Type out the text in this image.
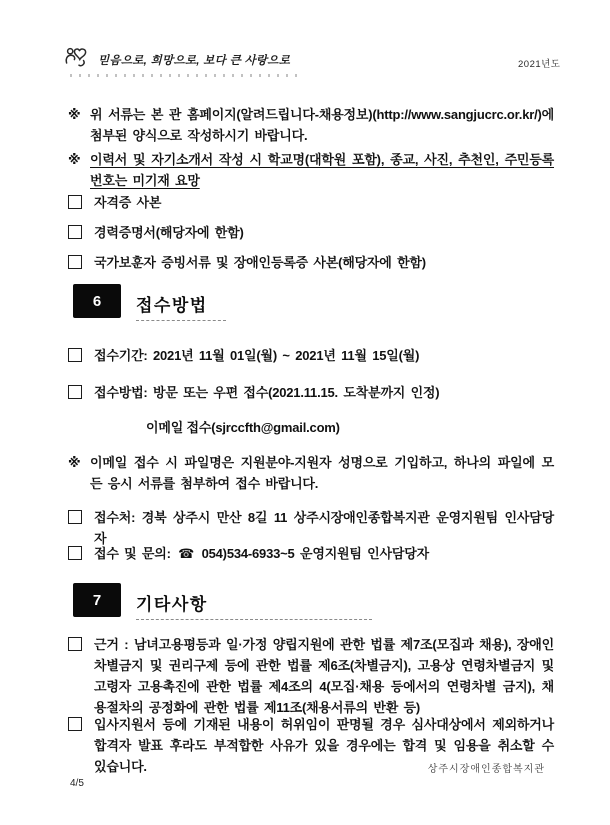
믿음으로, 희망으로, 보다 큰 사랑으로	2021년도
※ 위 서류는 본 관 홈페이지(알려드립니다-채용정보)(http://www.sangjucrc.or.kr/)에 첨부된 양식으로 작성하시기 바랍니다.
※ 이력서 및 자기소개서 작성 시 학교명(대학원 포함), 종교, 사진, 추천인, 주민등록번호는 미기재 요망
자격증 사본
경력증명서(해당자에 한함)
국가보훈자 증빙서류 및 장애인등록증 사본(해당자에 한함)
6	접수방법
접수기간: 2021년 11월 01일(월) ~ 2021년 11월 15일(월)
접수방법: 방문 또는 우편 접수(2021.11.15. 도착분까지 인정)
이메일 접수(sjrccfth@gmail.com)
※ 이메일 접수 시 파일명은 지원분야-지원자 성명으로 기입하고, 하나의 파일에 모든 응시 서류를 첨부하여 접수 바랍니다.
접수처: 경북 상주시 만산 8길 11 상주시장애인종합복지관 운영지원팀 인사담당자
접수 및 문의: ☎ 054)534-6933~5 운영지원팀 인사담당자
7	기타사항
근거 : 남녀고용평등과 일·가정 양립지원에 관한 법률 제7조(모집과 채용), 장애인 차별금지 및 권리구제 등에 관한 법률 제6조(차별금지), 고용상 연령차별금지 및 고령자 고용촉진에 관한 법률 제4조의 4(모집·채용 등에서의 연령차별 금지), 채용절차의 공정화에 관한 법률 제11조(채용서류의 반환 등)
입사지원서 등에 기재된 내용이 허위임이 판명될 경우 심사대상에서 제외하거나 합격자 발표 후라도 부적합한 사유가 있을 경우에는 합격 및 임용을 취소할 수 있습니다.	상주시장애인종합복지관
4/5
